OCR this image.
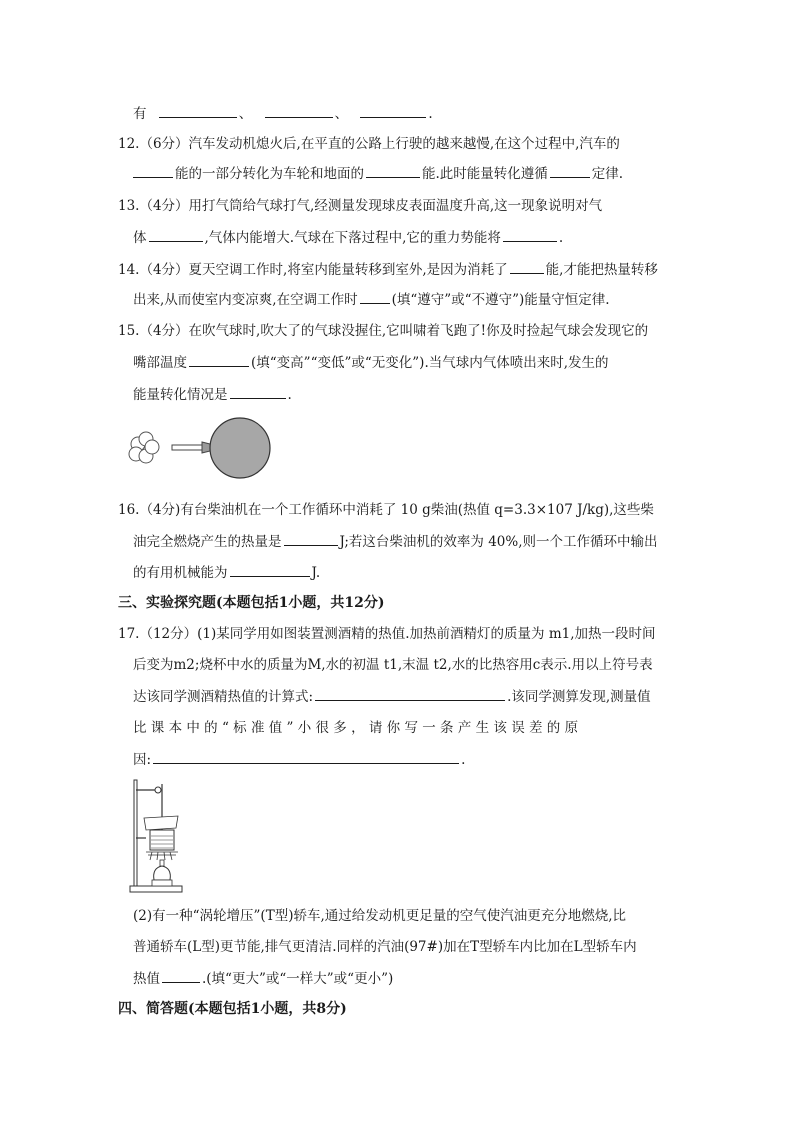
有	、	、	.
12.（6分）汽车发动机熄火后,在平直的公路上行驶的越来越慢,在这个过程中,汽车的
能的一部分转化为车轮和地面的	能.此时能量转化遵循	定律.
13.（4分）用打气筒给气球打气,经测量发现球皮表面温度升高,这一现象说明对气
体	,气体内能增大.气球在下落过程中,它的重力势能将	.
14.（4分）夏天空调工作时,将室内能量转移到室外,是因为消耗了	能,才能把热量转移
出来,从而使室内变凉爽,在空调工作时	(填“遵守”或“不遵守”)能量守恒定律.
15.（4分）在吹气球时,吹大了的气球没握住,它叫啸着飞跑了!你及时捡起气球会发现它的
嘴部温度	(填“变高”“变低”或“无变化”).当气球内气体喷出来时,发生的
能量转化情况是	.
16.（4分)有台柴油机在一个工作循环中消耗了 10 g柴油(热值 q=3.3×107 J/kg),这些柴
油完全燃烧产生的热量是	J;若这台柴油机的效率为 40%,则一个工作循环中输出
的有用机械能为	J.
三、实验探究题(本题包括1小题，共12分)
17.（12分）(1)某同学用如图装置测酒精的热值.加热前酒精灯的质量为 m1,加热一段时间
后变为m2;烧杯中水的质量为M,水的初温 t1,末温 t2,水的比热容用c表示.用以上符号表
达该同学测酒精热值的计算式:	.该同学测算发现,测量值
比 课 本 中 的 “ 标 准 值 ” 小 很 多 ， 请 你 写 一 条 产 生 该 误 差 的 原
因:	.
(2)有一种“涡轮增压”(T型)轿车,通过给发动机更足量的空气使汽油更充分地燃烧,比
普通轿车(L型)更节能,排气更清洁.同样的汽油(97#)加在T型轿车内比加在L型轿车内
热值	.(填“更大”或“一样大”或“更小”)
四、简答题(本题包括1小题，共8分)
